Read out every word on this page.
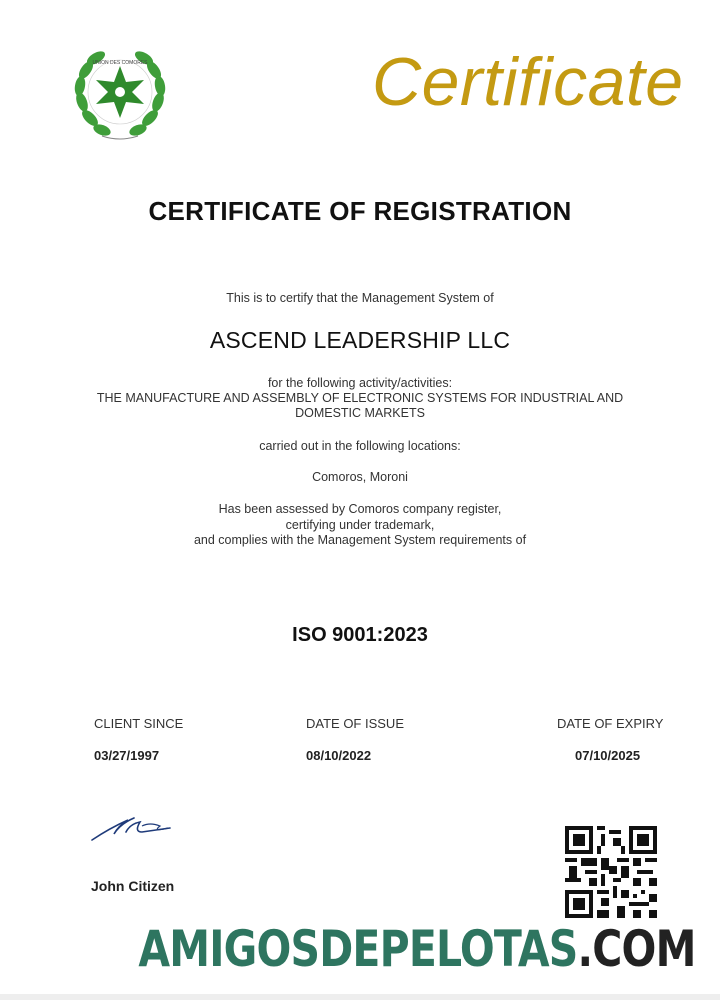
UNION DES COMORES	Certificate
CERTIFICATE OF REGISTRATION
This is to certify that the Management System of
ASCEND LEADERSHIP LLC
for the following activity/activities:
THE MANUFACTURE AND ASSEMBLY OF ELECTRONIC SYSTEMS FOR INDUSTRIAL AND
DOMESTIC MARKETS
carried out in the following locations:
Comoros, Moroni
Has been assessed by Comoros company register,
certifying under trademark,
and complies with the Management System requirements of
ISO 9001:2023
CLIENT SINCE
03/27/1997
DATE OF ISSUE
08/10/2022
DATE OF EXPIRY
07/10/2025
John Citizen
AMIGOSDEPELOTAS.COM
